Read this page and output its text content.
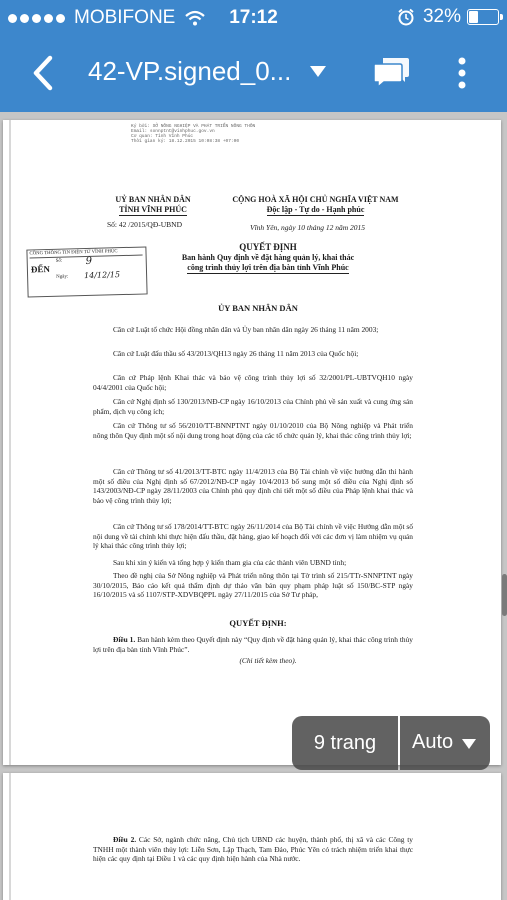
MOBIFONE	17:12	32%
42-VP.signed_0...
Ký bởi: SỞ NÔNG NGHIỆP VÀ PHÁT TRIỂN NÔNG THÔN
Email: sonnptnt@vinhphuc.gov.vn
Cơ quan: Tỉnh Vĩnh Phúc
Thời gian ký: 18.12.2015 10:08:38 +07:00
UỶ BAN NHÂN DÂN
TỈNH VĨNH PHÚC
Số: 42 /2015/QĐ-UBND
CỘNG HOÀ XÃ HỘI CHỦ NGHĨA VIỆT NAM
Độc lập - Tự do - Hạnh phúc
Vĩnh Yên, ngày 10 tháng 12 năm 2015
CÔNG THÔNG TIN ĐIỆN TỬ VĨNH PHÚC
ĐẾN
Số: 9
Ngày: 14/12/15
QUYẾT ĐỊNH
Ban hành Quy định về đặt hàng quản lý, khai thác
công trình thủy lợi trên địa bàn tỉnh Vĩnh Phúc
ỦY BAN NHÂN DÂN

Căn cứ Luật tổ chức Hội đồng nhân dân và Ủy ban nhân dân ngày 26 tháng 11 năm 2003;

Căn cứ Luật đấu thầu số 43/2013/QH13 ngày 26 tháng 11 năm 2013 của Quốc hội;

Căn cứ Pháp lệnh Khai thác và bảo vệ công trình thủy lợi số 32/2001/PL-UBTVQH10 ngày 04/4/2001 của Quốc hội;

Căn cứ Nghị định số 130/2013/NĐ-CP ngày 16/10/2013 của Chính phủ về sản xuất và cung ứng sản phẩm, dịch vụ công ích;

Căn cứ Thông tư số 56/2010/TT-BNNPTNT ngày 01/10/2010 của Bộ Nông nghiệp và Phát triển nông thôn Quy định một số nội dung trong hoạt động của các tổ chức quản lý, khai thác công trình thủy lợi;

Căn cứ Thông tư số 41/2013/TT-BTC ngày 11/4/2013 của Bộ Tài chính về việc hướng dẫn thi hành một số điều của Nghị định số 67/2012/NĐ-CP ngày 10/4/2013 bổ sung một số điều của Nghị định số 143/2003/NĐ-CP ngày 28/11/2003 của Chính phủ quy định chi tiết một số điều của Pháp lệnh khai thác và bảo vệ công trình thủy lợi;

Căn cứ Thông tư số 178/2014/TT-BTC ngày 26/11/2014 của Bộ Tài chính về việc Hướng dẫn một số nội dung về tài chính khi thực hiện đấu thầu, đặt hàng, giao kế hoạch đối với các đơn vị làm nhiệm vụ quản lý khai thác công trình thủy lợi;

Sau khi xin ý kiến và tổng hợp ý kiến tham gia của các thành viên UBND tỉnh;

Theo đề nghị của Sở Nông nghiệp và Phát triển nông thôn tại Tờ trình số 215/TTr-SNNPTNT ngày 30/10/2015, Báo cáo kết quả thẩm định dự thảo văn bản quy phạm pháp luật số 150/BC-STP ngày 16/10/2015 và số 1107/STP-XDVBQPPL ngày 27/11/2015 của Sở Tư pháp,

QUYẾT ĐỊNH:

Điều 1. Ban hành kèm theo Quyết định này “Quy định về đặt hàng quản lý, khai thác công trình thủy lợi trên địa bàn tỉnh Vĩnh Phúc”.

(Chi tiết kèm theo).

Điều 2. Các Sở, ngành chức năng, Chủ tịch UBND các huyện, thành phố, thị xã và các Công ty TNHH một thành viên thủy lợi: Liễn Sơn, Lập Thạch, Tam Đảo, Phúc Yên có trách nhiệm triển khai thực hiện các quy định tại Điều 1 và các quy định hiện hành của Nhà nước.

9 trang	Auto
